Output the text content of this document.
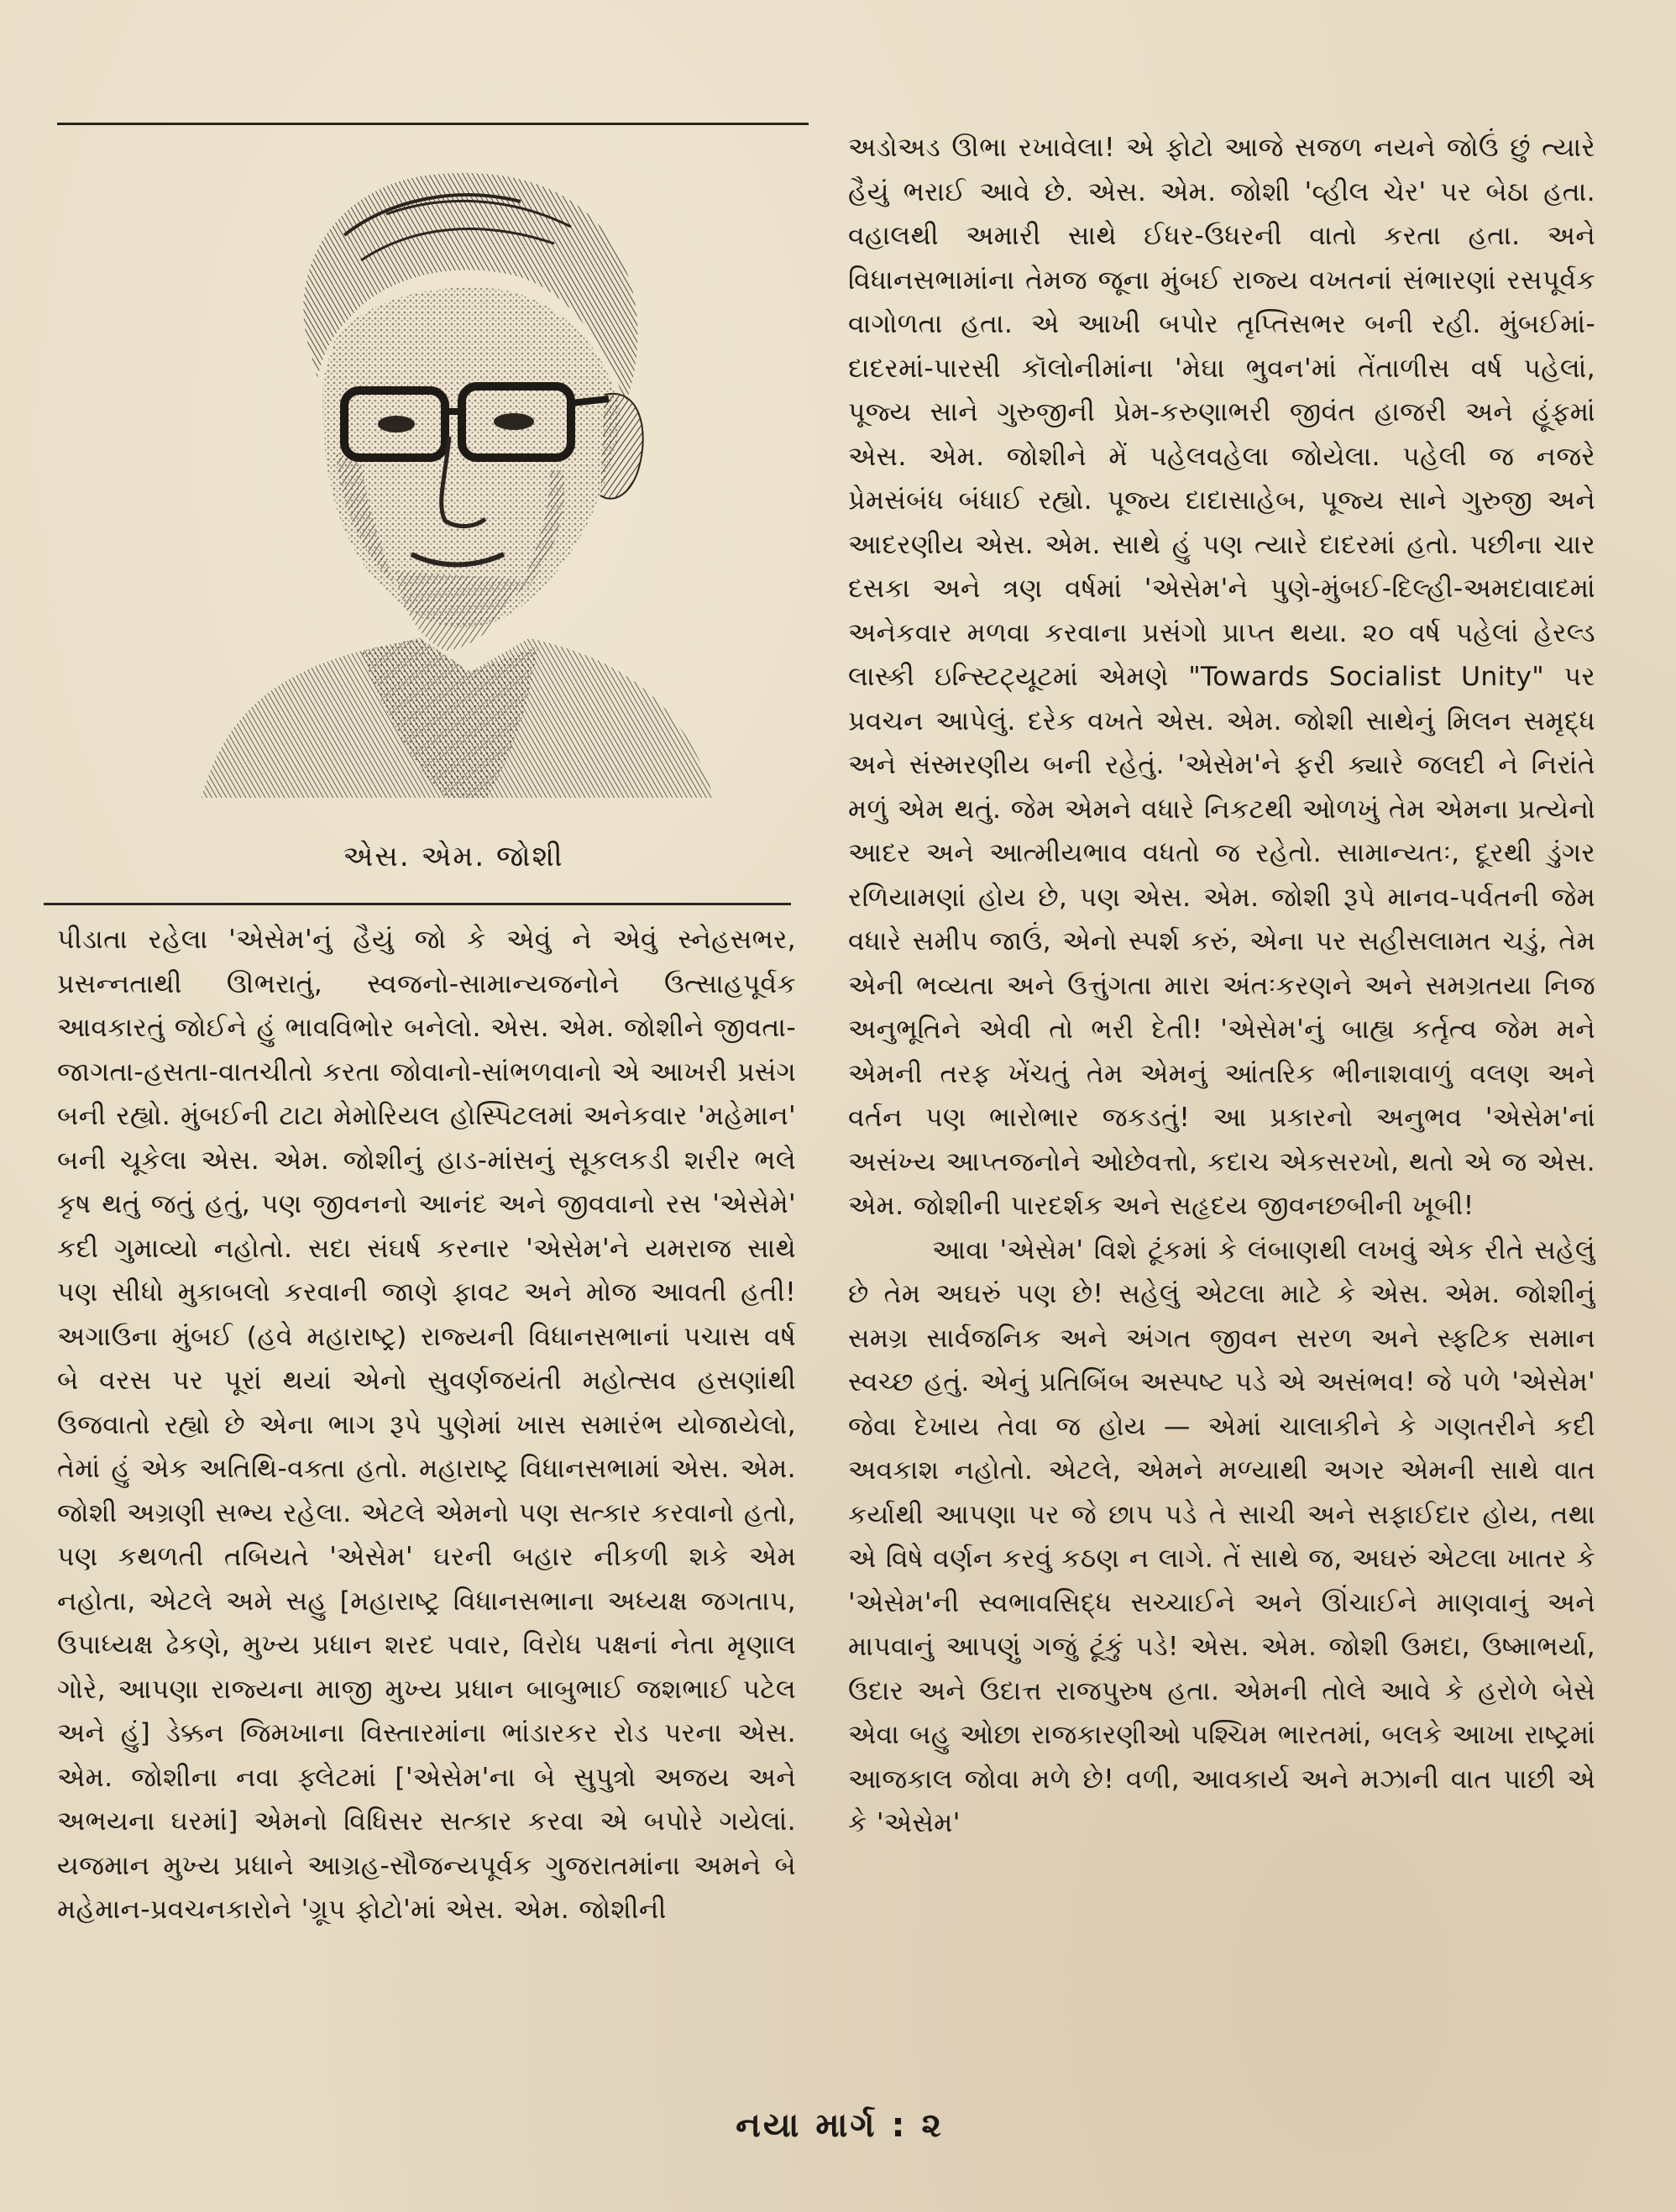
એસ. એમ. જોશી

પીડાતા રહેલા 'એસેમ'નું હૈયું જો કે એવું ને એવું સ્નેહસભર, પ્રસન્નતાથી ઊભરાતું, સ્વજનો-સામાન્યજનોને ઉત્સાહપૂર્વક આવકારતું જોઈને હું ભાવવિભોર બનેલો. એસ. એમ. જોશીને જીવતા-જાગતા-હસતા-વાતચીતો કરતા જોવાનો-સાંભળવાનો એ આખરી પ્રસંગ બની રહ્યો. મુંબઈની ટાટા મેમોરિયલ હોસ્પિટલમાં અનેકવાર 'મહેમાન' બની ચૂકેલા એસ. એમ. જોશીનું હાડ-માંસનું સૂકલકડી શરીર ભલે કૃષ થતું જતું હતું, પણ જીવનનો આનંદ અને જીવવાનો રસ 'એસેમે' કદી ગુમાવ્યો નહોતો. સદા સંઘર્ષ કરનાર 'એસેમ'ને યમરાજ સાથે પણ સીધો મુકાબલો કરવાની જાણે ફાવટ અને મોજ આવતી હતી! અગાઉના મુંબઈ (હવે મહારાષ્ટ્ર) રાજ્યની વિધાનસભાનાં પચાસ વર્ષ બે વરસ પર પૂરાં થયાં એનો સુવર્ણજયંતી મહોત્સવ હસણાંથી ઉજવાતો રહ્યો છે એના ભાગ રૂપે પુણેમાં ખાસ સમારંભ યોજાયેલો, તેમાં હું એક અતિથિ-વક્તા હતો. મહારાષ્ટ્ર વિધાનસભામાં એસ. એમ. જોશી અગ્રણી સભ્ય રહેલા. એટલે એમનો પણ સત્કાર કરવાનો હતો, પણ કથળતી તબિયતે 'એસેમ' ઘરની બહાર નીકળી શકે એમ નહોતા, એટલે અમે સહુ [મહારાષ્ટ્ર વિધાનસભાના અધ્યક્ષ જગતાપ, ઉપાધ્યક્ષ ઢેકણે, મુખ્ય પ્રધાન શરદ પવાર, વિરોધ પક્ષનાં નેતા મૃણાલ ગોરે, આપણા રાજ્યના માજી મુખ્ય પ્રધાન બાબુભાઈ જશભાઈ પટેલ અને હું] ડેક્કન જિમખાના વિસ્તારમાંના ભાંડારકર રોડ પરના એસ. એમ. જોશીના નવા ફ્લેટમાં ['એસેમ'ના બે સુપુત્રો અજય અને અભયના ઘરમાં] એમનો વિધિસર સત્કાર કરવા એ બપોરે ગયેલાં. યજમાન મુખ્ય પ્રધાને આગ્રહ-સૌજન્યપૂર્વક ગુજરાતમાંના અમને બે મહેમાન-પ્રવચનકારોને 'ગ્રૂપ ફોટો'માં એસ. એમ. જોશીની

અડોઅડ ઊભા રખાવેલા! એ ફોટો આજે સજળ નયને જોઉં છું ત્યારે હૈયું ભરાઈ આવે છે. એસ. એમ. જોશી 'વ્હીલ ચેર' પર બેઠા હતા. વહાલથી અમારી સાથે ઈધર-ઉધરની વાતો કરતા હતા. અને વિધાનસભામાંના તેમજ જૂના મુંબઈ રાજ્ય વખતનાં સંભારણાં રસપૂર્વક વાગોળતા હતા. એ આખી બપોર તૃપ્તિસભર બની રહી. મુંબઈમાં-દાદરમાં-પારસી કૉલોનીમાંના 'મેઘા ભુવન'માં તેંતાળીસ વર્ષ પહેલાં, પૂજ્ય સાને ગુરુજીની પ્રેમ-કરુણાભરી જીવંત હાજરી અને હૂંફમાં એસ. એમ. જોશીને મેં પહેલવહેલા જોયેલા. પહેલી જ નજરે પ્રેમસંબંધ બંધાઈ રહ્યો. પૂજ્ય દાદાસાહેબ, પૂજ્ય સાને ગુરુજી અને આદરણીય એસ. એમ. સાથે હું પણ ત્યારે દાદરમાં હતો. પછીના ચાર દસકા અને ત્રણ વર્ષમાં 'એસેમ'ને પુણે-મુંબઈ-દિલ્હી-અમદાવાદમાં અનેકવાર મળવા કરવાના પ્રસંગો પ્રાપ્ત થયા. ૨૦ વર્ષ પહેલાં હેરલ્ડ લાસ્કી ઇન્સ્ટિટ્યૂટમાં એમણે "Towards Socialist Unity" પર પ્રવચન આપેલું. દરેક વખતે એસ. એમ. જોશી સાથેનું મિલન સમૃદ્ધ અને સંસ્મરણીય બની રહેતું. 'એસેમ'ને ફરી ક્યારે જલદી ને નિરાંતે મળું એમ થતું. જેમ એમને વધારે નિકટથી ઓળખું તેમ એમના પ્રત્યેનો આદર અને આત્મીયભાવ વધતો જ રહેતો. સામાન્યતઃ, દૂરથી ડુંગર રળિયામણાં હોય છે, પણ એસ. એમ. જોશી રૂપે માનવ-પર્વતની જેમ વધારે સમીપ જાઉં, એનો સ્પર્શ કરું, એના પર સહીસલામત ચડું, તેમ એની ભવ્યતા અને ઉત્તુંગતા મારા અંતઃકરણને અને સમગ્રતયા નિજ અનુભૂતિને એવી તો ભરી દેતી! 'એસેમ'નું બાહ્ય કર્તૃત્વ જેમ મને એમની તરફ ખેંચતું તેમ એમનું આંતરિક ભીનાશવાળું વલણ અને વર્તન પણ ભારોભાર જકડતું! આ પ્રકારનો અનુભવ 'એસેમ'નાં અસંખ્ય આપ્તજનોને ઓછેવત્તો, કદાચ એકસરખો, થતો એ જ એસ. એમ. જોશીની પારદર્શક અને સહૃદય જીવનછબીની ખૂબી!

આવા 'એસેમ' વિશે ટૂંકમાં કે લંબાણથી લખવું એક રીતે સહેલું છે તેમ અઘરું પણ છે! સહેલું એટલા માટે કે એસ. એમ. જોશીનું સમગ્ર સાર્વજનિક અને અંગત જીવન સરળ અને સ્ફટિક સમાન સ્વચ્છ હતું. એનું પ્રતિબિંબ અસ્પષ્ટ પડે એ અસંભવ! જે પળે 'એસેમ' જેવા દેખાય તેવા જ હોય — એમાં ચાલાકીને કે ગણતરીને કદી અવકાશ નહોતો. એટલે, એમને મળ્યાથી અગર એમની સાથે વાત કર્યાથી આપણા પર જે છાપ પડે તે સાચી અને સફાઈદાર હોય, તથા એ વિષે વર્ણન કરવું કઠણ ન લાગે. તેં સાથે જ, અઘરું એટલા ખાતર કે 'એસેમ'ની સ્વભાવસિદ્ધ સચ્ચાઈને અને ઊંચાઈને માણવાનું અને માપવાનું આપણું ગજું ટૂંકું પડે! એસ. એમ. જોશી ઉમદા, ઉષ્માભર્યા, ઉદાર અને ઉદાત્ત રાજપુરુષ હતા. એમની તોલે આવે કે હરોળે બેસે એવા બહુ ઓછા રાજકારણીઓ પશ્ચિમ ભારતમાં, બલકે આખા રાષ્ટ્રમાં આજકાલ જોવા મળે છે! વળી, આવકાર્ય અને મઝાની વાત પાછી એ કે 'એસેમ'

નયા માર્ગ : ૨
